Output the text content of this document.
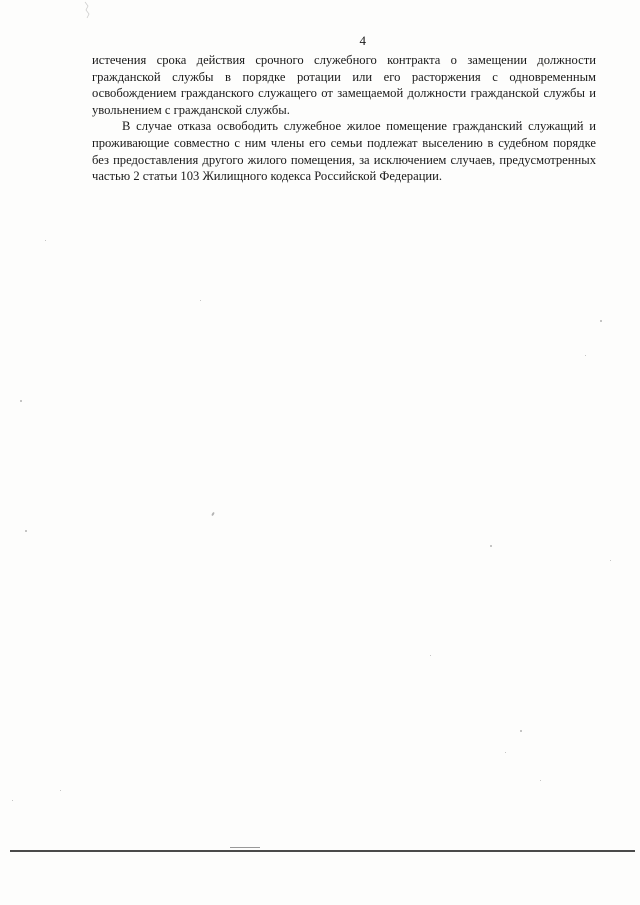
4

истечения срока действия срочного служебного контракта о замещении должности гражданской службы в порядке ротации или его расторжения с одновременным освобождением гражданского служащего от замещаемой должности гражданской службы и увольнением с гражданской службы.

В случае отказа освободить служебное жилое помещение гражданский служащий и проживающие совместно с ним члены его семьи подлежат выселению в судебном порядке без предоставления другого жилого помещения, за исключением случаев, предусмотренных частью 2 статьи 103 Жилищного кодекса Российской Федерации.
